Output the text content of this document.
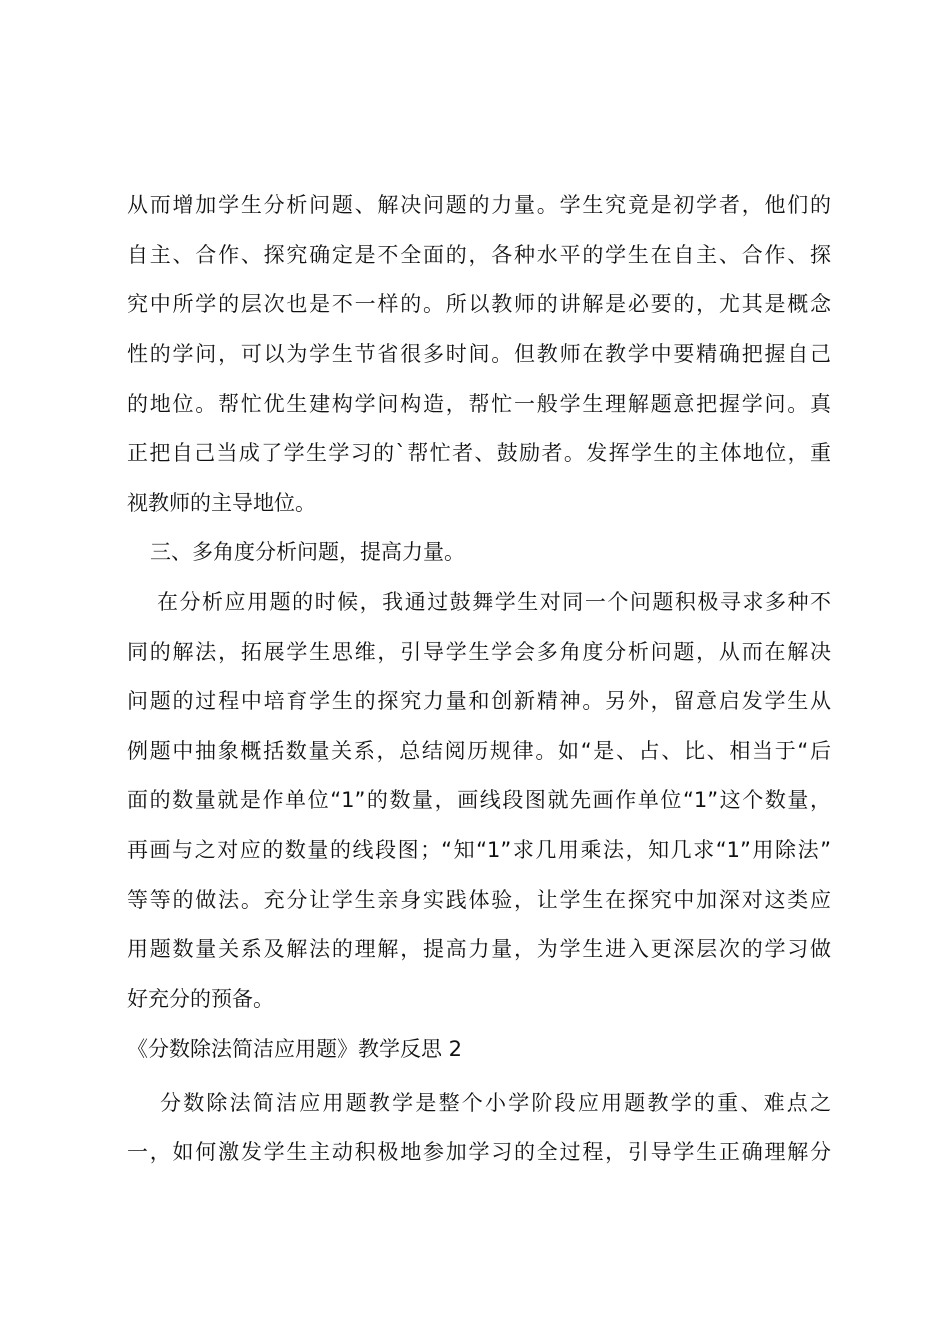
从而增加学生分析问题、解决问题的力量。学生究竟是初学者，他们的
自主、合作、探究确定是不全面的，各种水平的学生在自主、合作、探
究中所学的层次也是不一样的。所以教师的讲解是必要的，尤其是概念
性的学问，可以为学生节省很多时间。但教师在教学中要精确把握自己
的地位。帮忙优生建构学问构造，帮忙一般学生理解题意把握学问。真
正把自己当成了学生学习的`帮忙者、鼓励者。发挥学生的主体地位，重
视教师的主导地位。
三、多角度分析问题，提高力量。
在分析应用题的时候，我通过鼓舞学生对同一个问题积极寻求多种不
同的解法，拓展学生思维，引导学生学会多角度分析问题，从而在解决
问题的过程中培育学生的探究力量和创新精神。另外，留意启发学生从
例题中抽象概括数量关系，总结阅历规律。如“是、占、比、相当于“后
面的数量就是作单位“1”的数量，画线段图就先画作单位“1”这个数量，
再画与之对应的数量的线段图；“知“1”求几用乘法，知几求“1”用除法”
等等的做法。充分让学生亲身实践体验，让学生在探究中加深对这类应
用题数量关系及解法的理解，提高力量，为学生进入更深层次的学习做
好充分的预备。
《分数除法简洁应用题》教学反思 2
分数除法简洁应用题教学是整个小学阶段应用题教学的重、难点之
一，如何激发学生主动积极地参加学习的全过程，引导学生正确理解分
